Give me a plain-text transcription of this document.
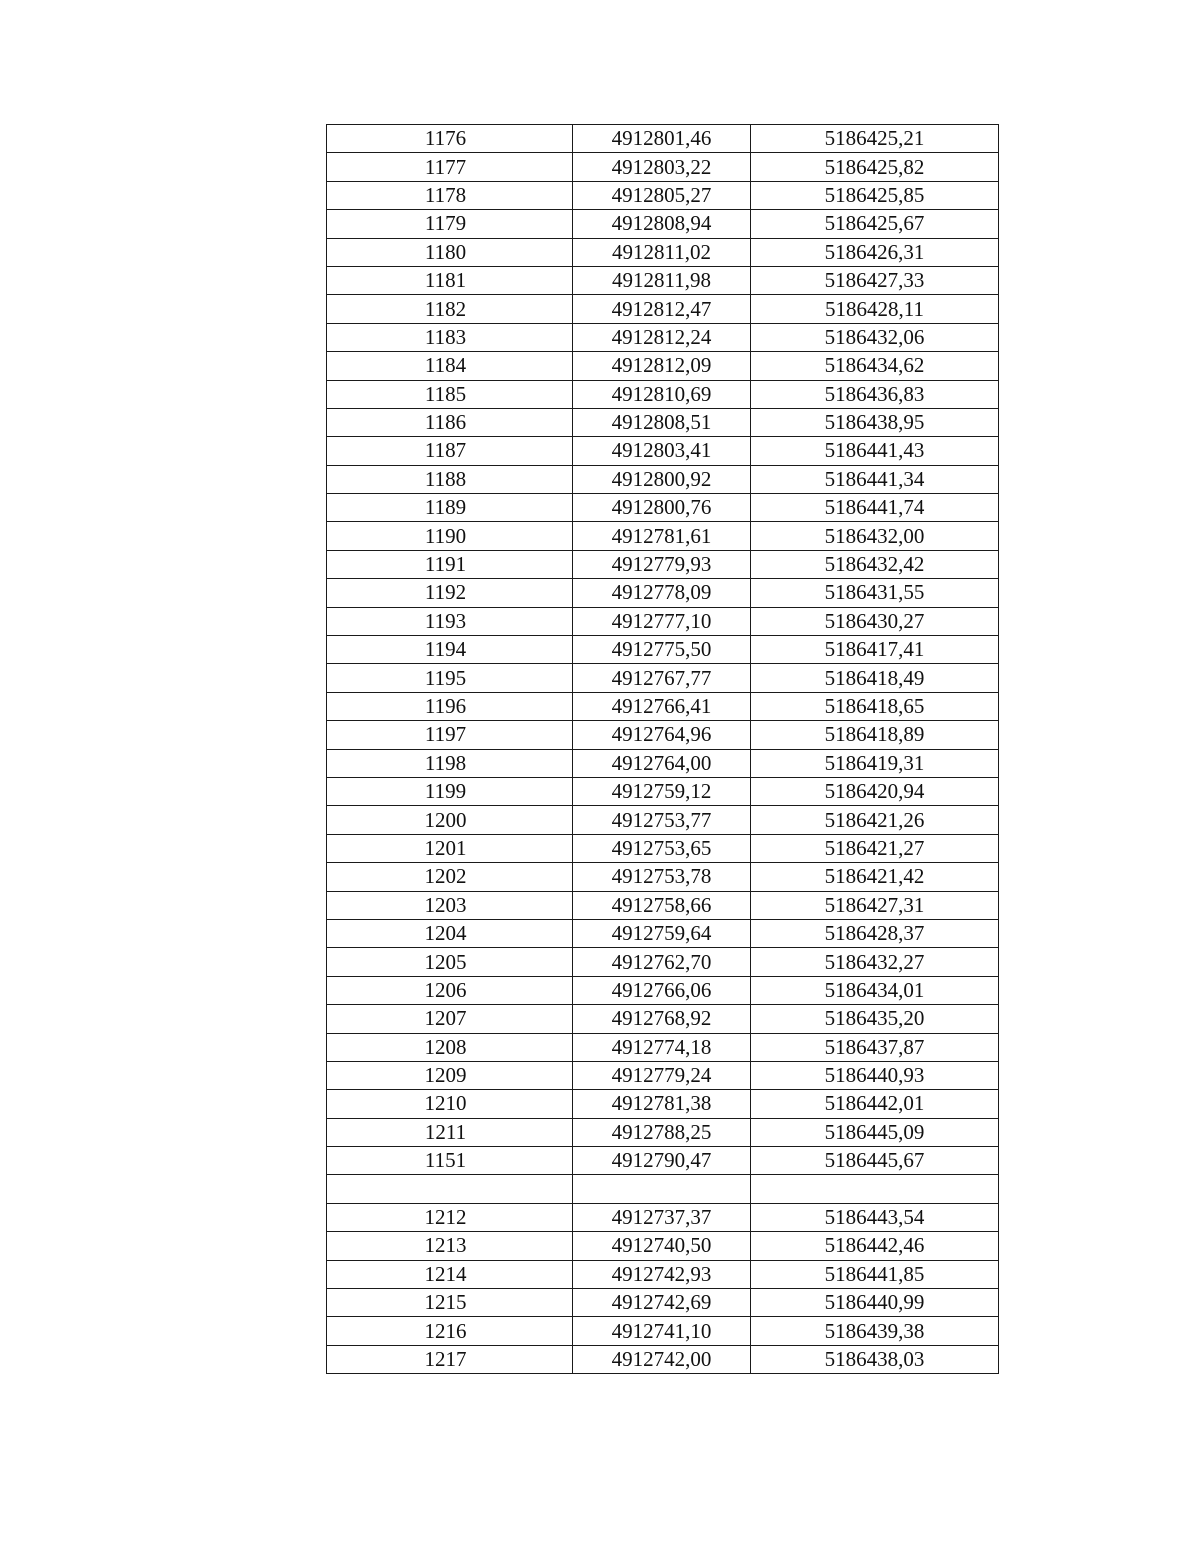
1176	4912801,46	5186425,21
1177	4912803,22	5186425,82
1178	4912805,27	5186425,85
1179	4912808,94	5186425,67
1180	4912811,02	5186426,31
1181	4912811,98	5186427,33
1182	4912812,47	5186428,11
1183	4912812,24	5186432,06
1184	4912812,09	5186434,62
1185	4912810,69	5186436,83
1186	4912808,51	5186438,95
1187	4912803,41	5186441,43
1188	4912800,92	5186441,34
1189	4912800,76	5186441,74
1190	4912781,61	5186432,00
1191	4912779,93	5186432,42
1192	4912778,09	5186431,55
1193	4912777,10	5186430,27
1194	4912775,50	5186417,41
1195	4912767,77	5186418,49
1196	4912766,41	5186418,65
1197	4912764,96	5186418,89
1198	4912764,00	5186419,31
1199	4912759,12	5186420,94
1200	4912753,77	5186421,26
1201	4912753,65	5186421,27
1202	4912753,78	5186421,42
1203	4912758,66	5186427,31
1204	4912759,64	5186428,37
1205	4912762,70	5186432,27
1206	4912766,06	5186434,01
1207	4912768,92	5186435,20
1208	4912774,18	5186437,87
1209	4912779,24	5186440,93
1210	4912781,38	5186442,01
1211	4912788,25	5186445,09
1151	4912790,47	5186445,67

1212	4912737,37	5186443,54
1213	4912740,50	5186442,46
1214	4912742,93	5186441,85
1215	4912742,69	5186440,99
1216	4912741,10	5186439,38
1217	4912742,00	5186438,03
